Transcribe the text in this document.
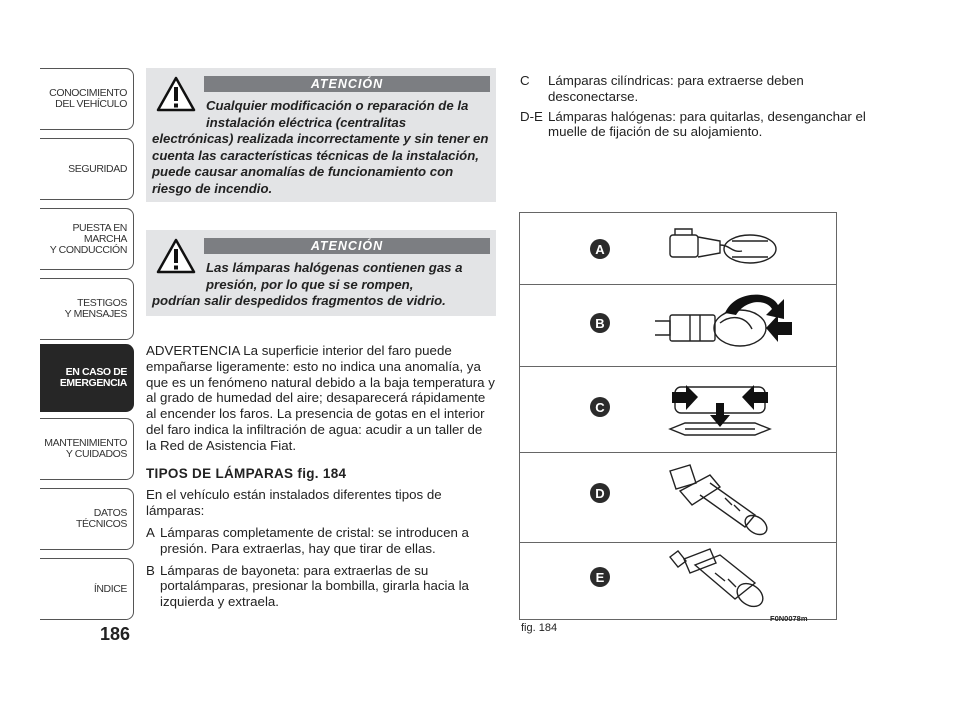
CONOCIMIENTO
DEL VEHÍCULO
SEGURIDAD
PUESTA EN
MARCHA
Y CONDUCCIÓN
TESTIGOS
Y MENSAJES
EN CASO DE
EMERGENCIA
MANTENIMIENTO
Y CUIDADOS
DATOS
TÉCNICOS
ÍNDICE
186
ATENCIÓN
Cualquier modificación o reparación de la instalación eléctrica (centralitas
electrónicas) realizada incorrectamente y sin tener en cuenta las características técnicas de la instalación, puede causar anomalías de funcionamiento con riesgo de incendio.
ATENCIÓN
Las lámparas halógenas contienen gas a presión, por lo que si se rompen,
podrían salir despedidos fragmentos de vidrio.

ADVERTENCIA La superficie interior del faro puede empañarse ligeramente: esto no indica una anomalía, ya que es un fenómeno natural debido a la baja temperatura y al grado de humedad del aire; desaparecerá rápidamente al encender los faros. La presencia de gotas en el interior del faro indica la infiltración de agua: acudir a un taller de la Red de Asistencia Fiat.

TIPOS DE LÁMPARAS fig. 184

En el vehículo están instalados diferentes tipos de lámparas:

A Lámparas completamente de cristal: se introducen a presión. Para extraerlas, hay que tirar de ellas.
B Lámparas de bayoneta: para extraerlas de su portalámparas, presionar la bombilla, girarla hacia la izquierda y extraela.
C	Lámparas cilíndricas: para extraerse deben desconectarse.
D-E Lámparas halógenas: para quitarlas, desenganchar el muelle de fijación de su alojamiento.
A
B
C
D
E
fig. 184
F0N0078m
